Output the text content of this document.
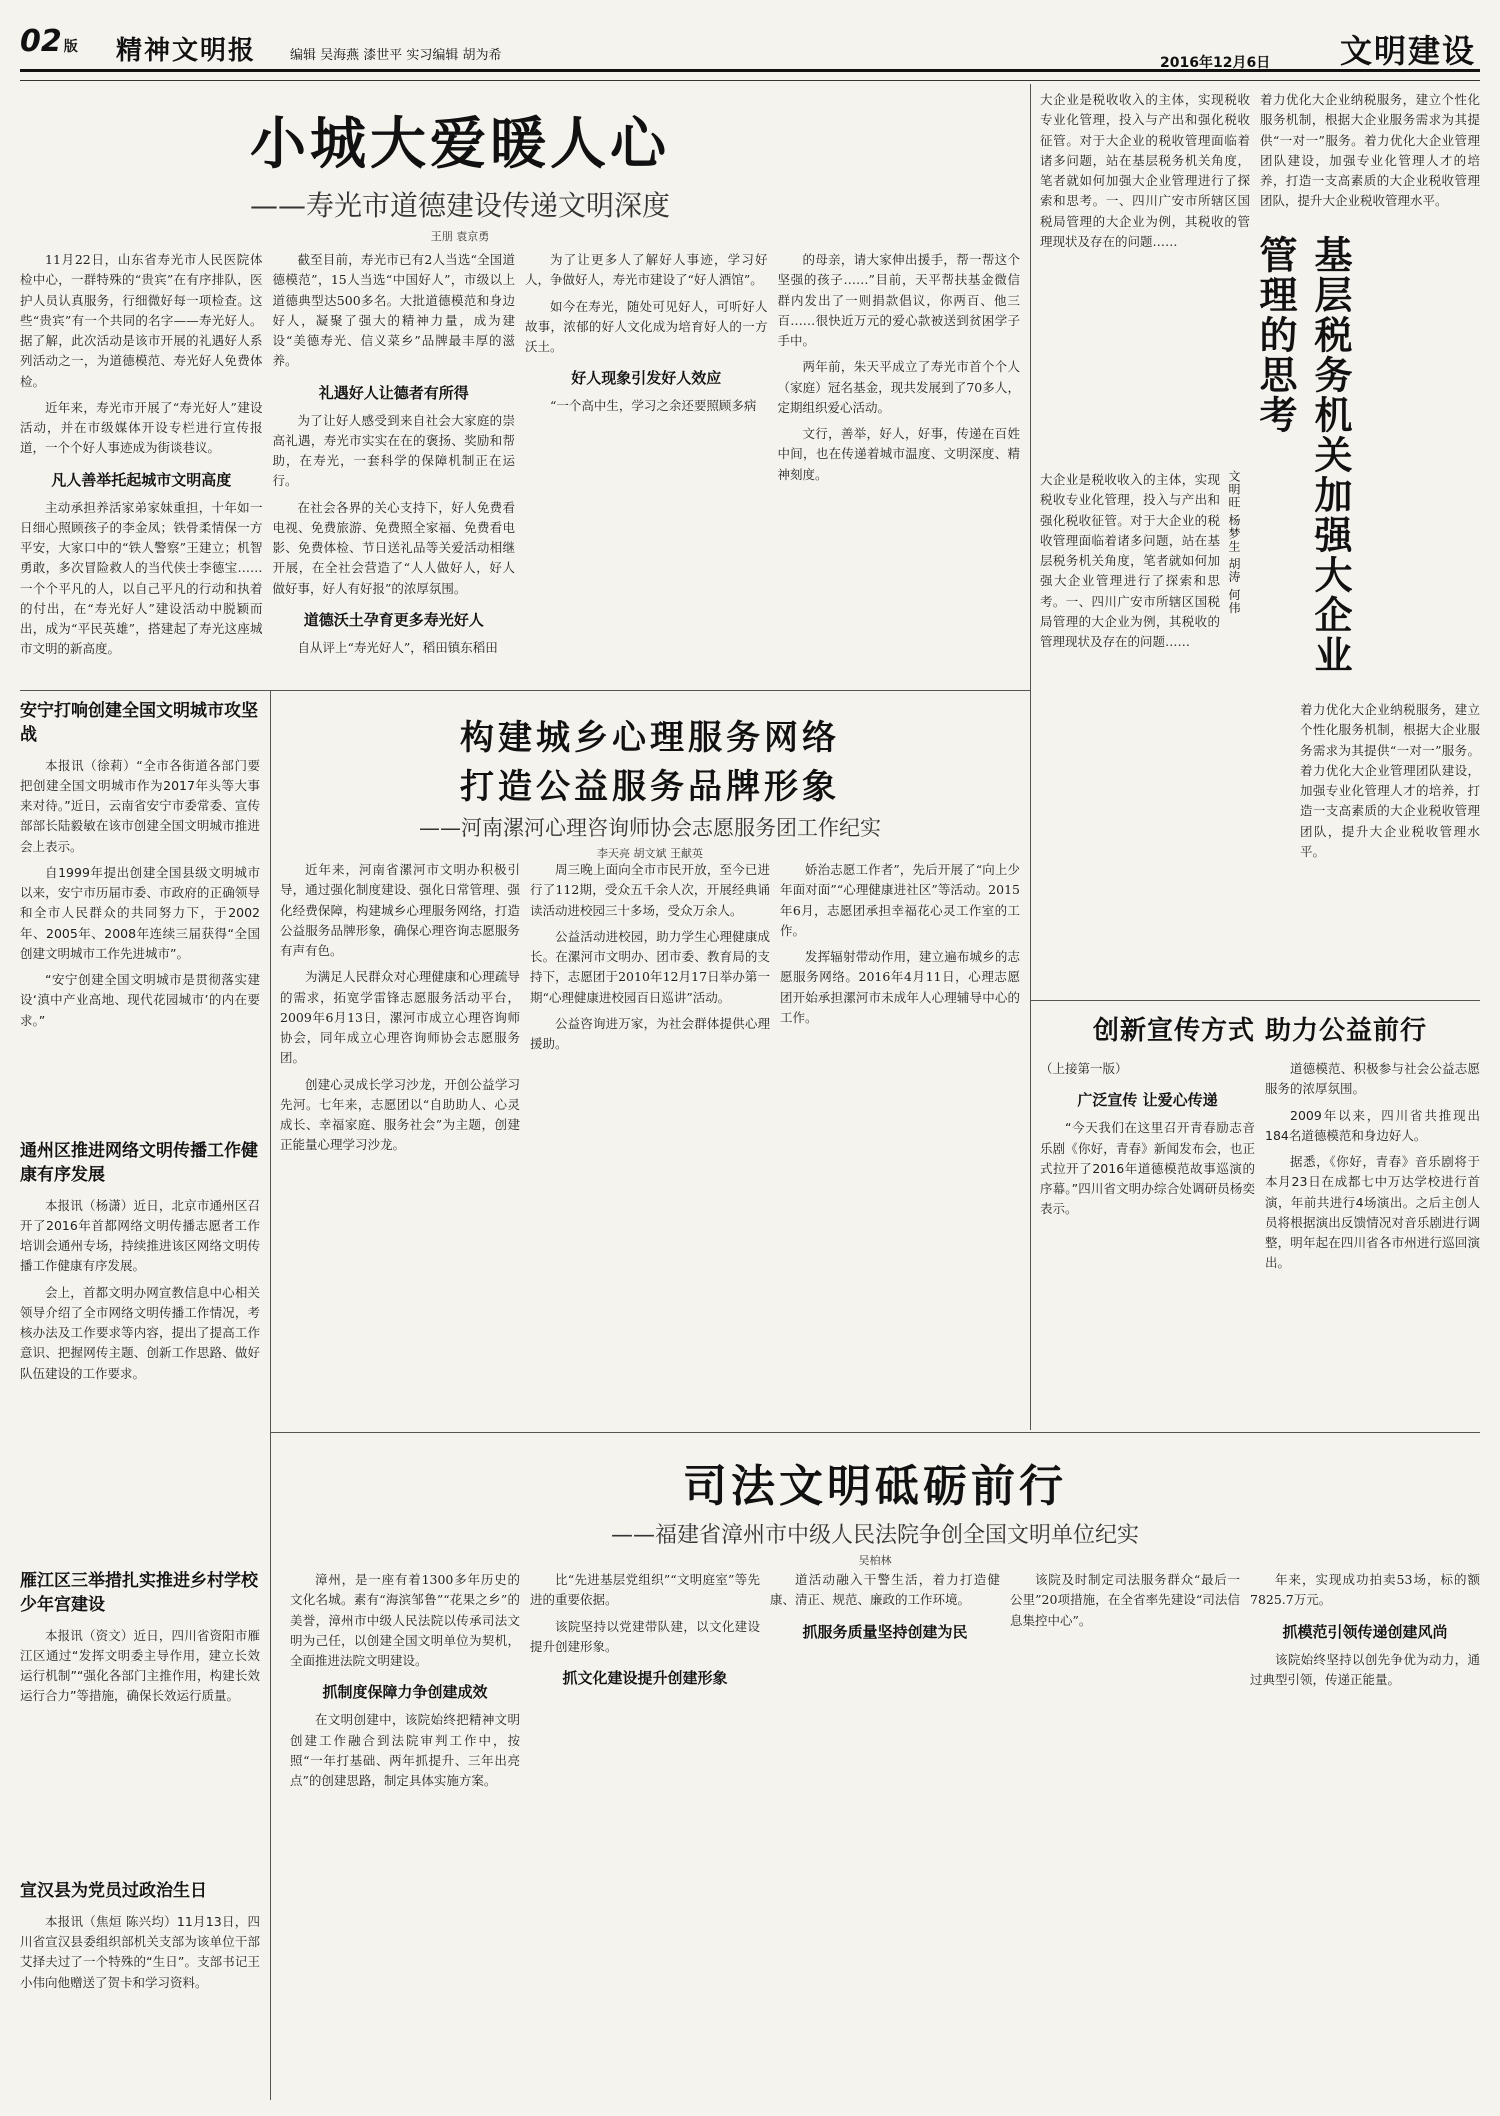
02 版 精神文明报	编辑 吴海燕 漆世平 实习编辑 胡为希	2016年12月6日 文明建设
小城大爱暖人心
——寿光市道德建设传递文明深度
王朋 袁京勇

11月22日，山东省寿光市人民医院体检中心，一群特殊的“贵宾”在有序排队，医护人员认真服务，行细微好每一项检查。这些“贵宾”有一个共同的名字——寿光好人。据了解，此次活动是该市开展的礼遇好人系列活动之一，为道德模范、寿光好人免费体检。

近年来，寿光市开展了“寿光好人”建设活动，并在市级媒体开设专栏进行宣传报道，一个个好人事迹成为街谈巷议。

凡人善举托起城市文明高度

主动承担养活家弟家妹重担，十年如一日细心照顾孩子的李金凤；铁骨柔情保一方平安，大家口中的“铁人警察”王建立；机智勇敢，多次冒险救人的当代侠士李德宝……一个个平凡的人，以自己平凡的行动和执着的付出，在“寿光好人”建设活动中脱颖而出，成为“平民英雄”，搭建起了寿光这座城市文明的新高度。

截至目前，寿光市已有2人当选“全国道德模范”，15人当选“中国好人”，市级以上道德典型达500多名。大批道德模范和身边好人，凝聚了强大的精神力量，成为建设“美德寿光、信义菜乡”品牌最丰厚的滋养。

礼遇好人让德者有所得

为了让好人感受到来自社会大家庭的崇高礼遇，寿光市实实在在的褒扬、奖励和帮助，在寿光，一套科学的保障机制正在运行。

在社会各界的关心支持下，好人免费看电视、免费旅游、免费照全家福、免费看电影、免费体检、节日送礼品等关爱活动相继开展，在全社会营造了“人人做好人，好人做好事，好人有好报”的浓厚氛围。

道德沃土孕育更多寿光好人

自从评上“寿光好人”，稻田镇东稻田

为了让更多人了解好人事迹，学习好人，争做好人，寿光市建设了“好人酒馆”。

如今在寿光，随处可见好人，可听好人故事，浓郁的好人文化成为培育好人的一方沃土。

好人现象引发好人效应

“一个高中生，学习之余还要照顾多病

的母亲，请大家伸出援手，帮一帮这个坚强的孩子……”目前，天平帮扶基金微信群内发出了一则捐款倡议，你两百、他三百……很快近万元的爱心款被送到贫困学子手中。

两年前，朱天平成立了寿光市首个个人（家庭）冠名基金，现共发展到了70多人，定期组织爱心活动。

文行，善举，好人，好事，传递在百姓中间，也在传递着城市温度、文明深度、精神刻度。

大企业是税收收入的主体，实现税收专业化管理，投入与产出和强化税收征管。对于大企业的税收管理面临着诸多问题，站在基层税务机关角度，笔者就如何加强大企业管理进行了探索和思考。一、四川广安市所辖区国税局管理的大企业为例，其税收的管理现状及存在的问题……
着力优化大企业纳税服务，建立个性化服务机制，根据大企业服务需求为其提供“一对一”服务。着力优化大企业管理团队建设，加强专业化管理人才的培养，打造一支高素质的大企业税收管理团队，提升大企业税收管理水平。
基层税务机关加强大企业管理的思考
文明旺 杨梦生 胡涛 何伟
大企业是税收收入的主体，实现税收专业化管理，投入与产出和强化税收征管。对于大企业的税收管理面临着诸多问题，站在基层税务机关角度，笔者就如何加强大企业管理进行了探索和思考。一、四川广安市所辖区国税局管理的大企业为例，其税收的管理现状及存在的问题……
着力优化大企业纳税服务，建立个性化服务机制，根据大企业服务需求为其提供“一对一”服务。着力优化大企业管理团队建设，加强专业化管理人才的培养，打造一支高素质的大企业税收管理团队，提升大企业税收管理水平。
安宁打响创建全国文明城市攻坚战

本报讯（徐莉）“全市各街道各部门要把创建全国文明城市作为2017年头等大事来对待。”近日，云南省安宁市委常委、宣传部部长陆毅敏在该市创建全国文明城市推进会上表示。

自1999年提出创建全国县级文明城市以来，安宁市历届市委、市政府的正确领导和全市人民群众的共同努力下，于2002年、2005年、2008年连续三届获得“全国创建文明城市工作先进城市”。

“安宁创建全国文明城市是贯彻落实建设‘滇中产业高地、现代花园城市’的内在要求。”

通州区推进网络文明传播工作健康有序发展

本报讯（杨潇）近日，北京市通州区召开了2016年首都网络文明传播志愿者工作培训会通州专场，持续推进该区网络文明传播工作健康有序发展。

会上，首都文明办网宣教信息中心相关领导介绍了全市网络文明传播工作情况，考核办法及工作要求等内容，提出了提高工作意识、把握网传主题、创新工作思路、做好队伍建设的工作要求。

雁江区三举措扎实推进乡村学校少年宫建设

本报讯（资文）近日，四川省资阳市雁江区通过“发挥文明委主导作用，建立长效运行机制”“强化各部门主推作用，构建长效运行合力”等措施，确保长效运行质量。

宣汉县为党员过政治生日

本报讯（焦烜 陈兴均）11月13日，四川省宣汉县委组织部机关支部为该单位干部艾择夫过了一个特殊的“生日”。支部书记王小伟向他赠送了贺卡和学习资料。

构建城乡心理服务网络
打造公益服务品牌形象
——河南漯河心理咨询师协会志愿服务团工作纪实
李天亮 胡文斌 王献英

近年来，河南省漯河市文明办积极引导，通过强化制度建设、强化日常管理、强化经费保障，构建城乡心理服务网络，打造公益服务品牌形象，确保心理咨询志愿服务有声有色。

为满足人民群众对心理健康和心理疏导的需求，拓宽学雷锋志愿服务活动平台，2009年6月13日，漯河市成立心理咨询师协会，同年成立心理咨询师协会志愿服务团。

创建心灵成长学习沙龙，开创公益学习先河。七年来，志愿团以“自助助人、心灵成长、幸福家庭、服务社会”为主题，创建正能量心理学习沙龙。

周三晚上面向全市市民开放，至今已进行了112期，受众五千余人次，开展经典诵读活动进校园三十多场，受众万余人。

公益活动进校园，助力学生心理健康成长。在漯河市文明办、团市委、教育局的支持下，志愿团于2010年12月17日举办第一期“心理健康进校园百日巡讲”活动。

公益咨询进万家，为社会群体提供心理援助。

娇治志愿工作者”，先后开展了“向上少年面对面”“心理健康进社区”等活动。2015年6月，志愿团承担幸福花心灵工作室的工作。

发挥辐射带动作用，建立遍布城乡的志愿服务网络。2016年4月11日，心理志愿团开始承担漯河市未成年人心理辅导中心的工作。	创新宣传方式 助力公益前行

（上接第一版）

广泛宣传 让爱心传递

“今天我们在这里召开青春励志音乐剧《你好，青春》新闻发布会，也正式拉开了2016年道德模范故事巡演的序幕。”四川省文明办综合处调研员杨奕表示。

道德模范、积极参与社会公益志愿服务的浓厚氛围。

2009年以来，四川省共推现出184名道德模范和身边好人。

据悉，《你好，青春》音乐剧将于本月23日在成都七中万达学校进行首演，年前共进行4场演出。之后主创人员将根据演出反馈情况对音乐剧进行调整，明年起在四川省各市州进行巡回演出。

司法文明砥砺前行
——福建省漳州市中级人民法院争创全国文明单位纪实
吴柏林

漳州，是一座有着1300多年历史的文化名城。素有“海滨邹鲁”“花果之乡”的美誉，漳州市中级人民法院以传承司法文明为己任，以创建全国文明单位为契机，全面推进法院文明建设。

抓制度保障力争创建成效

在文明创建中，该院始终把精神文明创建工作融合到法院审判工作中，按照“一年打基础、两年抓提升、三年出亮点”的创建思路，制定具体实施方案。

比“先进基层党组织”“文明庭室”等先进的重要依据。

该院坚持以党建带队建，以文化建设提升创建形象。

抓文化建设提升创建形象

道活动融入干警生活，着力打造健康、清正、规范、廉政的工作环境。

抓服务质量坚持创建为民

该院及时制定司法服务群众“最后一公里”20项措施，在全省率先建设“司法信息集控中心”。

年来，实现成功拍卖53场，标的额7825.7万元。

抓模范引领传递创建风尚

该院始终坚持以创先争优为动力，通过典型引领，传递正能量。
